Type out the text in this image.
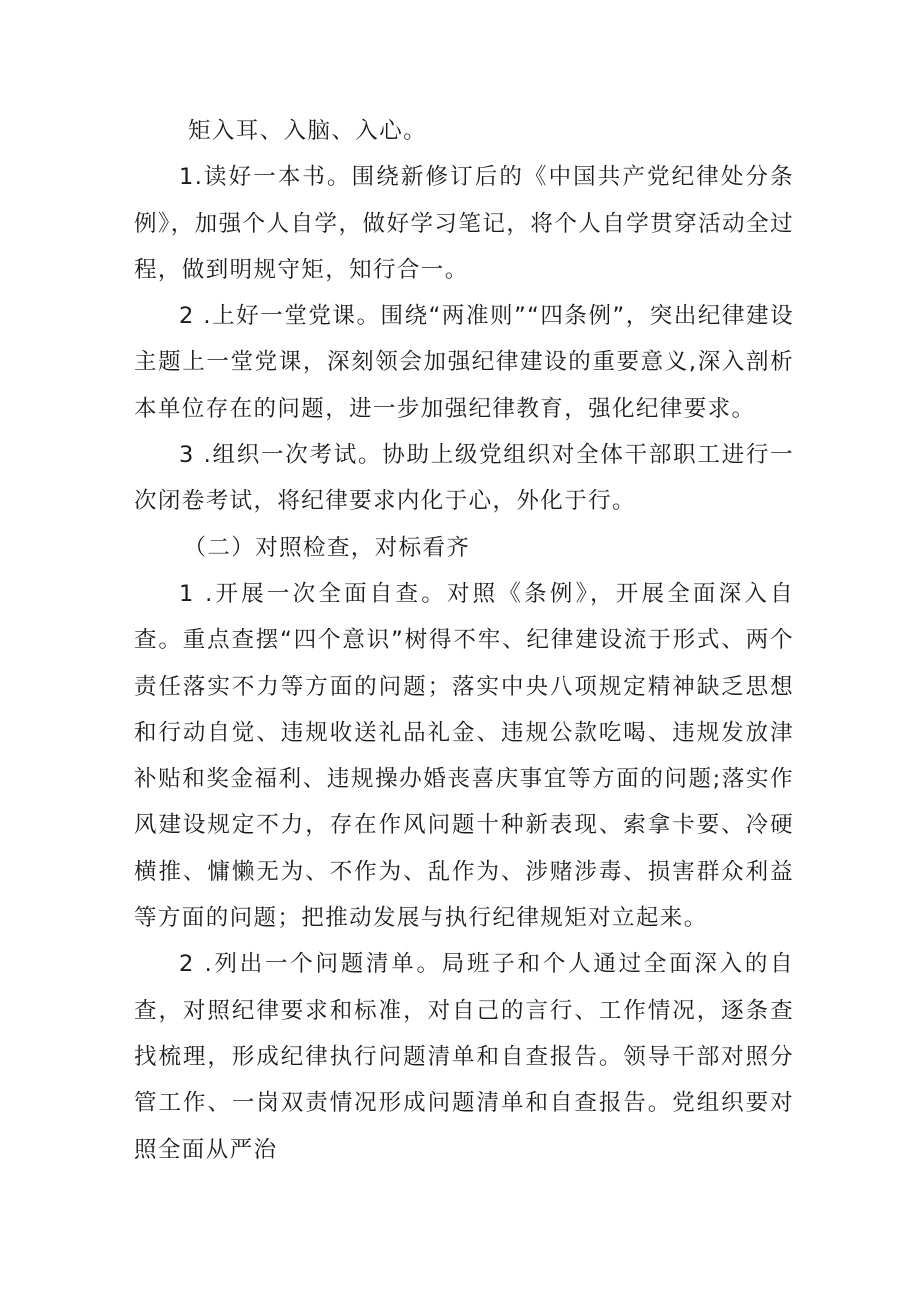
矩入耳、入脑、入心。

1.读好一本书。围绕新修订后的《中国共产党纪律处分条例》，加强个人自学，做好学习笔记，将个人自学贯穿活动全过程，做到明规守矩，知行合一。

2 .上好一堂党课。围绕“两准则”“四条例”，突出纪律建设主题上一堂党课，深刻领会加强纪律建设的重要意义,深入剖析本单位存在的问题，进一步加强纪律教育，强化纪律要求。

3 .组织一次考试。协助上级党组织对全体干部职工进行一次闭卷考试，将纪律要求内化于心，外化于行。

（二）对照检查，对标看齐

1 .开展一次全面自查。对照《条例》，开展全面深入自查。重点查摆“四个意识”树得不牢、纪律建设流于形式、两个责任落实不力等方面的问题；落实中央八项规定精神缺乏思想和行动自觉、违规收送礼品礼金、违规公款吃喝、违规发放津补贴和奖金福利、违规操办婚丧喜庆事宜等方面的问题;落实作风建设规定不力，存在作风问题十种新表现、索拿卡要、冷硬横推、慵懒无为、不作为、乱作为、涉赌涉毒、损害群众利益等方面的问题；把推动发展与执行纪律规矩对立起来。

2 .列出一个问题清单。局班子和个人通过全面深入的自查，对照纪律要求和标准，对自己的言行、工作情况，逐条查找梳理，形成纪律执行问题清单和自查报告。领导干部对照分管工作、一岗双责情况形成问题清单和自查报告。党组织要对照全面从严治
